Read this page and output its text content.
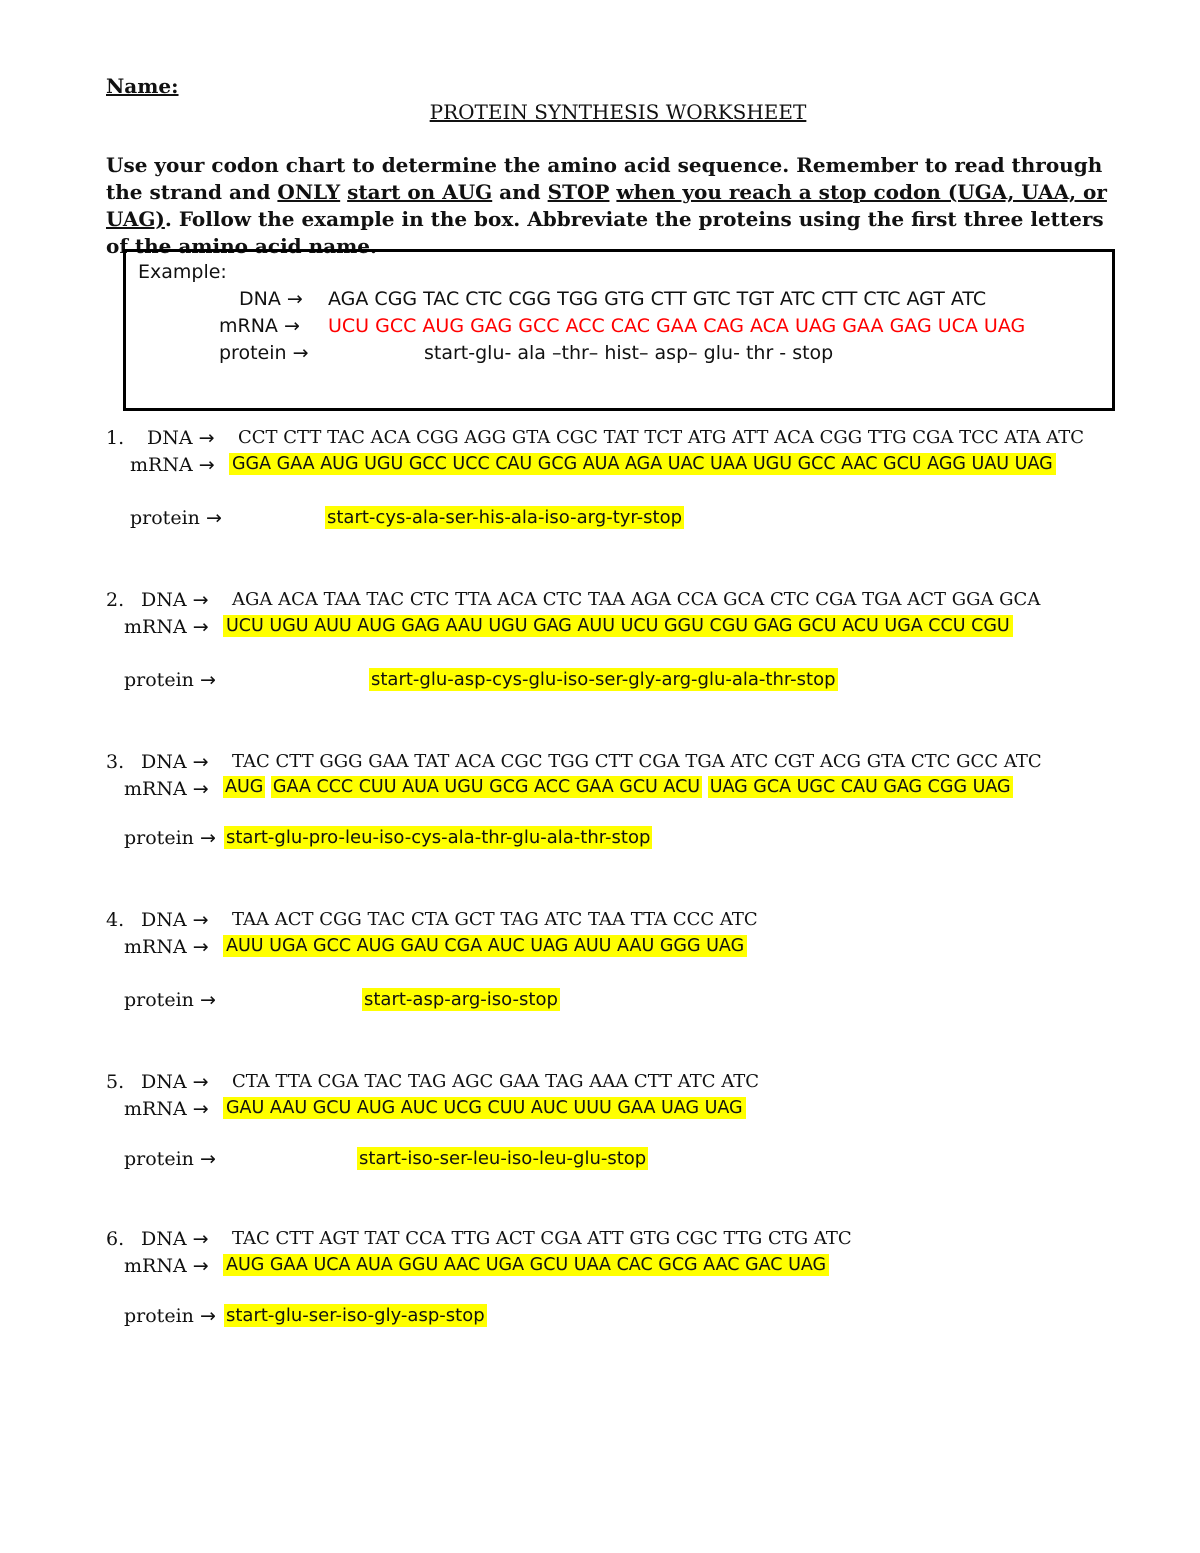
Name:
PROTEIN SYNTHESIS WORKSHEET
Use your codon chart to determine the amino acid sequence. Remember to read through the strand and ONLY start on AUG and STOP when you reach a stop codon (UGA, UAA, or UAG). Follow the example in the box. Abbreviate the proteins using the first three letters of the amino acid name.
Example:
DNA → AGA CGG TAC CTC CGG TGG GTG CTT GTC TGT ATC CTT CTC AGT ATC
mRNA → UCU GCC AUG GAG GCC ACC CAC GAA CAG ACA UAG GAA GAG UCA UAG
protein →	start-glu- ala –thr– hist– asp– glu- thr - stop
1. DNA → CCT CTT TAC ACA CGG AGG GTA CGC TAT TCT ATG ATT ACA CGG TTG CGA TCC ATA ATC
mRNA → GGA GAA AUG UGU GCC UCC CAU GCG AUA AGA UAC UAA UGU GCC AAC GCU AGG UAU UAG
protein →	start-cys-ala-ser-his-ala-iso-arg-tyr-stop
2. DNA → AGA ACA TAA TAC CTC TTA ACA CTC TAA AGA CCA GCA CTC CGA TGA ACT GGA GCA
mRNA → UCU UGU AUU AUG GAG AAU UGU GAG AUU UCU GGU CGU GAG GCU ACU UGA CCU CGU
protein →	start-glu-asp-cys-glu-iso-ser-gly-arg-glu-ala-thr-stop
3. DNA → TAC CTT GGG GAA TAT ACA CGC TGG CTT CGA TGA ATC CGT ACG GTA CTC GCC ATC
mRNA → AUG GAA CCC CUU AUA UGU GCG ACC GAA GCU ACU UAG GCA UGC CAU GAG CGG UAG
protein → start-glu-pro-leu-iso-cys-ala-thr-glu-ala-thr-stop
4. DNA → TAA ACT CGG TAC CTA GCT TAG ATC TAA TTA CCC ATC
mRNA → AUU UGA GCC AUG GAU CGA AUC UAG AUU AAU GGG UAG
protein →	start-asp-arg-iso-stop
5. DNA → CTA TTA CGA TAC TAG AGC GAA TAG AAA CTT ATC ATC
mRNA → GAU AAU GCU AUG AUC UCG CUU AUC UUU GAA UAG UAG
protein →	start-iso-ser-leu-iso-leu-glu-stop
6. DNA → TAC CTT AGT TAT CCA TTG ACT CGA ATT GTG CGC TTG CTG ATC
mRNA → AUG GAA UCA AUA GGU AAC UGA GCU UAA CAC GCG AAC GAC UAG
protein → start-glu-ser-iso-gly-asp-stop
